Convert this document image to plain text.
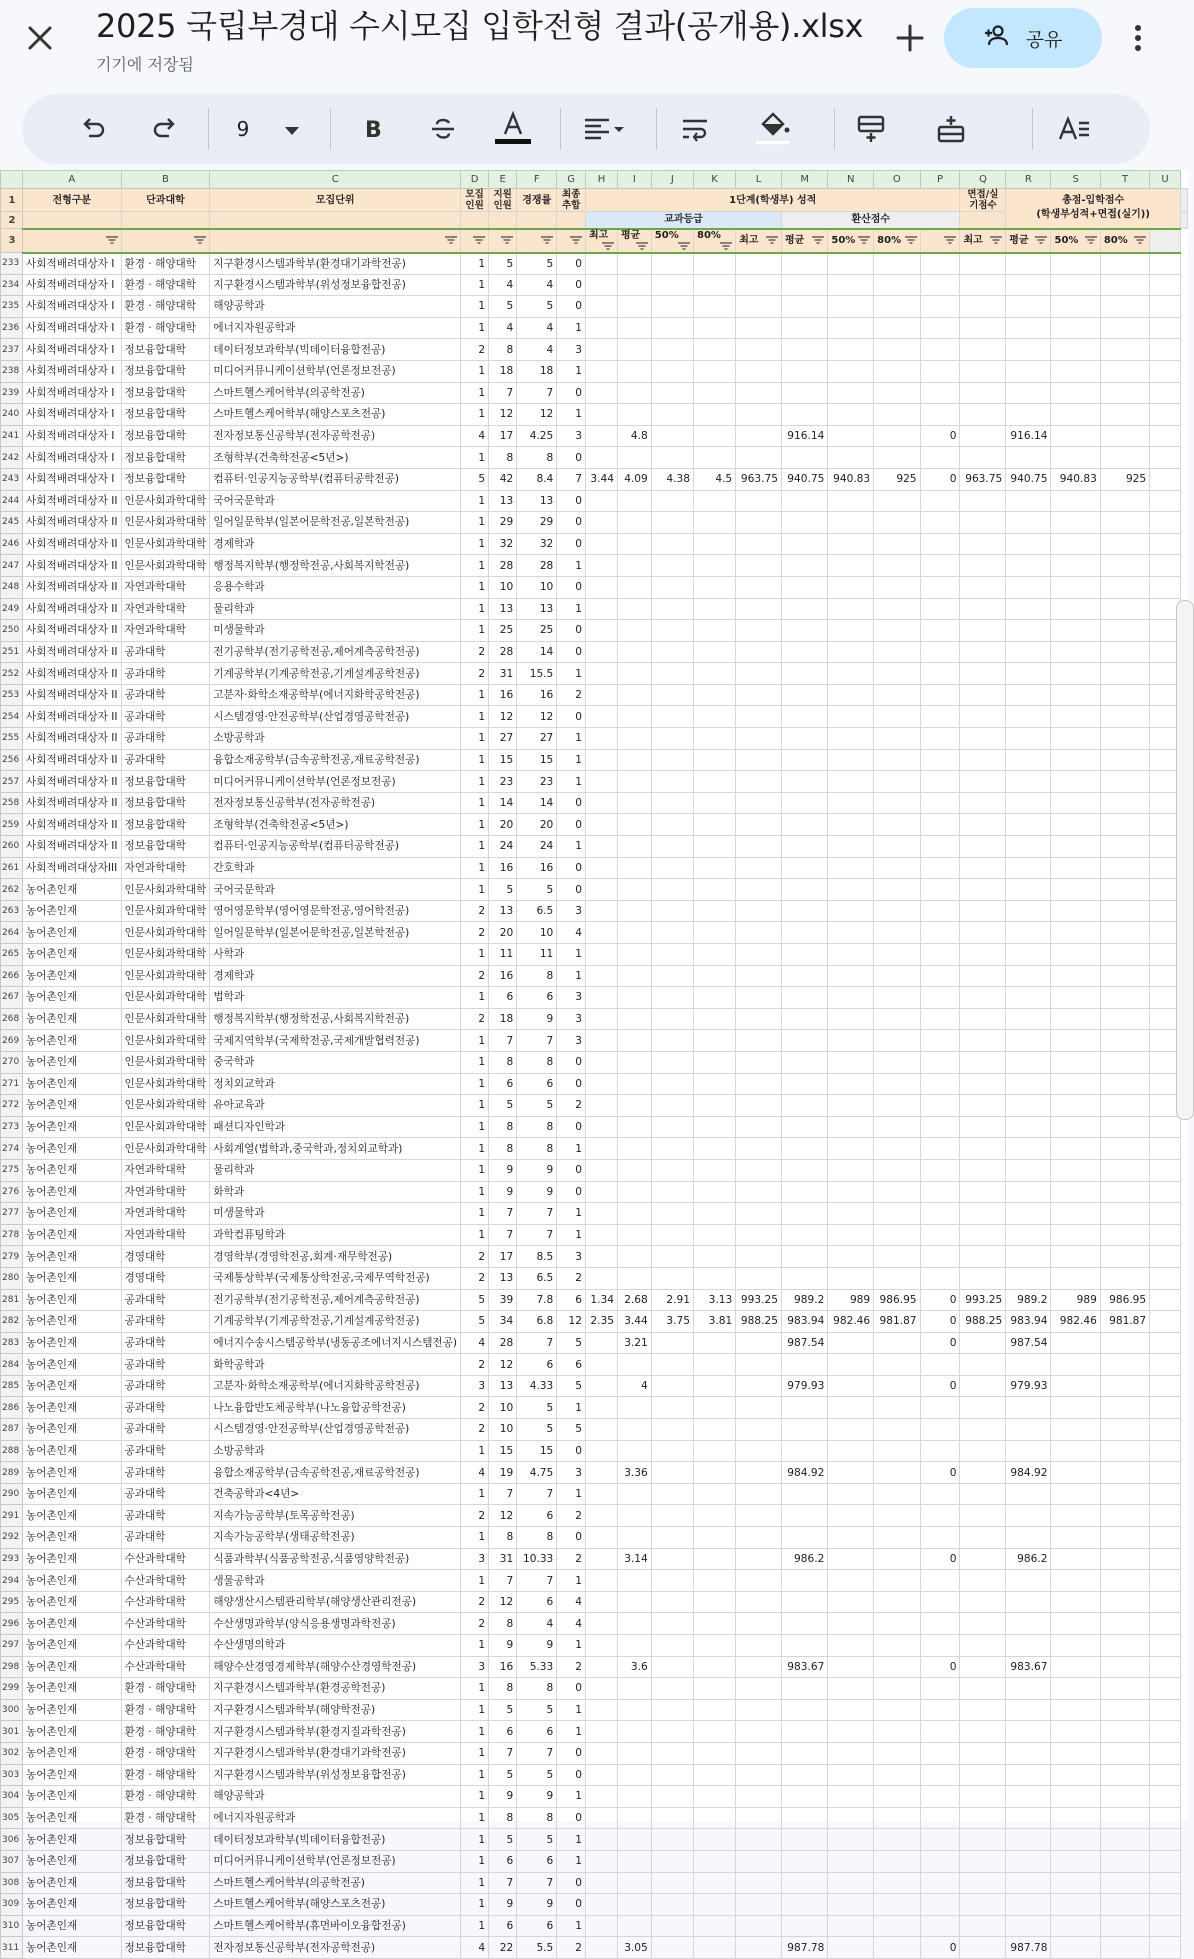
2025 국립부경대 수시모집 입학전형 결과(공개용).xlsx
기기에 저장됨
공유
9	B
	A	B	C	D	E	F	G	H	I	J	K	L	M	N	O	P	Q	R	S	T	U	
1	전형구분	단과대학	모집단위	모집인원	지원인원	경쟁률	최종추합	1단계(학생부) 성적									면접/실기점수	총점-입학점수
(학생부성적+면접(실기))				
2								교과등급					환산점수									
3								최고	평균	50%	80%	최고	평균	50%	80%		최고	평균	50%	80%	

233	사회적배려대상자 I	환경 · 해양대학	지구환경시스템과학부(환경대기과학전공)	1	5	5	0															
234	사회적배려대상자 I	환경 · 해양대학	지구환경시스템과학부(위성정보융합전공)	1	4	4	0															
235	사회적배려대상자 I	환경 · 해양대학	해양공학과	1	5	5	0															
236	사회적배려대상자 I	환경 · 해양대학	에너지자원공학과	1	4	4	1															
237	사회적배려대상자 I	정보융합대학	데이터정보과학부(빅데이터융합전공)	2	8	4	3															
238	사회적배려대상자 I	정보융합대학	미디어커뮤니케이션학부(언론정보전공)	1	18	18	1															
239	사회적배려대상자 I	정보융합대학	스마트헬스케어학부(의공학전공)	1	7	7	0															
240	사회적배려대상자 I	정보융합대학	스마트헬스케어학부(해양스포츠전공)	1	12	12	1															
241	사회적배려대상자 I	정보융합대학	전자정보통신공학부(전자공학전공)	4	17	4.25	3		4.8				916.14			0		916.14				
242	사회적배려대상자 I	정보융합대학	조형학부(건축학전공<5년>)	1	8	8	0															
243	사회적배려대상자 I	정보융합대학	컴퓨터·인공지능공학부(컴퓨터공학전공)	5	42	8.4	7	3.44	4.09	4.38	4.5	963.75	940.75	940.83	925	0	963.75	940.75	940.83	925		
244	사회적배려대상자 II	인문사회과학대학	국어국문학과	1	13	13	0															
245	사회적배려대상자 II	인문사회과학대학	일어일문학부(일본어문학전공,일본학전공)	1	29	29	0															
246	사회적배려대상자 II	인문사회과학대학	경제학과	1	32	32	0															
247	사회적배려대상자 II	인문사회과학대학	행정복지학부(행정학전공,사회복지학전공)	1	28	28	1															
248	사회적배려대상자 II	자연과학대학	응용수학과	1	10	10	0															
249	사회적배려대상자 II	자연과학대학	물리학과	1	13	13	1															
250	사회적배려대상자 II	자연과학대학	미생물학과	1	25	25	0															
251	사회적배려대상자 II	공과대학	전기공학부(전기공학전공,제어계측공학전공)	2	28	14	0															
252	사회적배려대상자 II	공과대학	기계공학부(기계공학전공,기계설계공학전공)	2	31	15.5	1															
253	사회적배려대상자 II	공과대학	고분자·화학소재공학부(에너지화학공학전공)	1	16	16	2															
254	사회적배려대상자 II	공과대학	시스템경영·안전공학부(산업경영공학전공)	1	12	12	0															
255	사회적배려대상자 II	공과대학	소방공학과	1	27	27	1															
256	사회적배려대상자 II	공과대학	융합소재공학부(금속공학전공,재료공학전공)	1	15	15	1															
257	사회적배려대상자 II	정보융합대학	미디어커뮤니케이션학부(언론정보전공)	1	23	23	1															
258	사회적배려대상자 II	정보융합대학	전자정보통신공학부(전자공학전공)	1	14	14	0															
259	사회적배려대상자 II	정보융합대학	조형학부(건축학전공<5년>)	1	20	20	0															
260	사회적배려대상자 II	정보융합대학	컴퓨터·인공지능공학부(컴퓨터공학전공)	1	24	24	1															
261	사회적배려대상자III	자연과학대학	간호학과	1	16	16	0															
262	농어촌인재	인문사회과학대학	국어국문학과	1	5	5	0															
263	농어촌인재	인문사회과학대학	영어영문학부(영어영문학전공,영어학전공)	2	13	6.5	3															
264	농어촌인재	인문사회과학대학	일어일문학부(일본어문학전공,일본학전공)	2	20	10	4															
265	농어촌인재	인문사회과학대학	사학과	1	11	11	1															
266	농어촌인재	인문사회과학대학	경제학과	2	16	8	1															
267	농어촌인재	인문사회과학대학	법학과	1	6	6	3															
268	농어촌인재	인문사회과학대학	행정복지학부(행정학전공,사회복지학전공)	2	18	9	3															
269	농어촌인재	인문사회과학대학	국제지역학부(국제학전공,국제개발협력전공)	1	7	7	3															
270	농어촌인재	인문사회과학대학	중국학과	1	8	8	0															
271	농어촌인재	인문사회과학대학	정치외교학과	1	6	6	0															
272	농어촌인재	인문사회과학대학	유아교육과	1	5	5	2															
273	농어촌인재	인문사회과학대학	패션디자인학과	1	8	8	0															
274	농어촌인재	인문사회과학대학	사회계열(법학과,중국학과,정치외교학과)	1	8	8	1															
275	농어촌인재	자연과학대학	물리학과	1	9	9	0															
276	농어촌인재	자연과학대학	화학과	1	9	9	0															
277	농어촌인재	자연과학대학	미생물학과	1	7	7	1															
278	농어촌인재	자연과학대학	과학컴퓨팅학과	1	7	7	1															
279	농어촌인재	경영대학	경영학부(경영학전공,회계·재무학전공)	2	17	8.5	3															
280	농어촌인재	경영대학	국제통상학부(국제통상학전공,국제무역학전공)	2	13	6.5	2															
281	농어촌인재	공과대학	전기공학부(전기공학전공,제어계측공학전공)	5	39	7.8	6	1.34	2.68	2.91	3.13	993.25	989.2	989	986.95	0	993.25	989.2	989	986.95		
282	농어촌인재	공과대학	기계공학부(기계공학전공,기계설계공학전공)	5	34	6.8	12	2.35	3.44	3.75	3.81	988.25	983.94	982.46	981.87	0	988.25	983.94	982.46	981.87		
283	농어촌인재	공과대학	에너지수송시스템공학부(냉동공조에너지시스템전공)	4	28	7	5		3.21				987.54			0		987.54				
284	농어촌인재	공과대학	화학공학과	2	12	6	6															
285	농어촌인재	공과대학	고분자·화학소재공학부(에너지화학공학전공)	3	13	4.33	5		4				979.93			0		979.93				
286	농어촌인재	공과대학	나노융합반도체공학부(나노융합공학전공)	2	10	5	1															
287	농어촌인재	공과대학	시스템경영·안전공학부(산업경영공학전공)	2	10	5	5															
288	농어촌인재	공과대학	소방공학과	1	15	15	0															
289	농어촌인재	공과대학	융합소재공학부(금속공학전공,재료공학전공)	4	19	4.75	3		3.36				984.92			0		984.92				
290	농어촌인재	공과대학	건축공학과<4년>	1	7	7	1															
291	농어촌인재	공과대학	지속가능공학부(토목공학전공)	2	12	6	2															
292	농어촌인재	공과대학	지속가능공학부(생태공학전공)	1	8	8	0															
293	농어촌인재	수산과학대학	식품과학부(식품공학전공,식품영양학전공)	3	31	10.33	2		3.14				986.2			0		986.2				
294	농어촌인재	수산과학대학	생물공학과	1	7	7	1															
295	농어촌인재	수산과학대학	해양생산시스템관리학부(해양생산관리전공)	2	12	6	4															
296	농어촌인재	수산과학대학	수산생명과학부(양식응용생명과학전공)	2	8	4	4															
297	농어촌인재	수산과학대학	수산생명의학과	1	9	9	1															
298	농어촌인재	수산과학대학	해양수산경영경제학부(해양수산경영학전공)	3	16	5.33	2		3.6				983.67			0		983.67				
299	농어촌인재	환경 · 해양대학	지구환경시스템과학부(환경공학전공)	1	8	8	0															
300	농어촌인재	환경 · 해양대학	지구환경시스템과학부(해양학전공)	1	5	5	1															
301	농어촌인재	환경 · 해양대학	지구환경시스템과학부(환경지질과학전공)	1	6	6	1															
302	농어촌인재	환경 · 해양대학	지구환경시스템과학부(환경대기과학전공)	1	7	7	0															
303	농어촌인재	환경 · 해양대학	지구환경시스템과학부(위성정보융합전공)	1	5	5	0															
304	농어촌인재	환경 · 해양대학	해양공학과	1	9	9	1															
305	농어촌인재	환경 · 해양대학	에너지자원공학과	1	8	8	0															
306	농어촌인재	정보융합대학	데이터정보과학부(빅데이터융합전공)	1	5	5	1															
307	농어촌인재	정보융합대학	미디어커뮤니케이션학부(언론정보전공)	1	6	6	1															
308	농어촌인재	정보융합대학	스마트헬스케어학부(의공학전공)	1	7	7	0															
309	농어촌인재	정보융합대학	스마트헬스케어학부(해양스포츠전공)	1	9	9	0															
310	농어촌인재	정보융합대학	스마트헬스케어학부(휴먼바이오융합전공)	1	6	6	1															
311	농어촌인재	정보융합대학	전자정보통신공학부(전자공학전공)	4	22	5.5	2		3.05				987.78			0		987.78				
